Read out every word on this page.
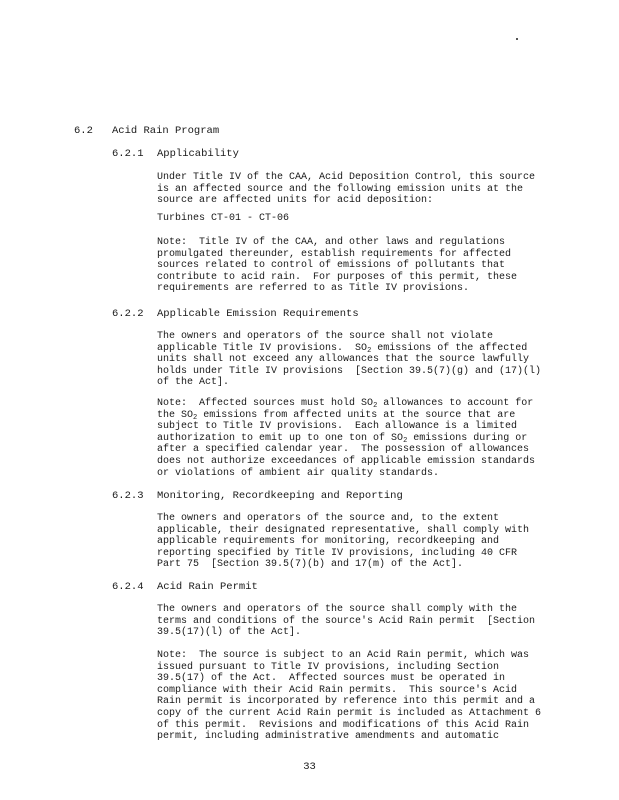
6.2 Acid Rain Program
6.2.1 Applicability
Under Title IV of the CAA, Acid Deposition Control, this source
is an affected source and the following emission units at the
source are affected units for acid deposition:
Turbines CT-01 - CT-06
Note:  Title IV of the CAA, and other laws and regulations
promulgated thereunder, establish requirements for affected
sources related to control of emissions of pollutants that
contribute to acid rain.  For purposes of this permit, these
requirements are referred to as Title IV provisions.
6.2.2 Applicable Emission Requirements
The owners and operators of the source shall not violate
applicable Title IV provisions.  $SO_2$ emissions of the affected
units shall not exceed any allowances that the source lawfully
holds under Title IV provisions  [Section 39.5(7)(g) and (17)(l)
of the Act].
Note:  Affected sources must hold $SO_2$ allowances to account for
the $SO_2$ emissions from affected units at the source that are
subject to Title IV provisions.  Each allowance is a limited
authorization to emit up to one ton of $SO_2$ emissions during or
after a specified calendar year.  The possession of allowances
does not authorize exceedances of applicable emission standards
or violations of ambient air quality standards.
6.2.3 Monitoring, Recordkeeping and Reporting
The owners and operators of the source and, to the extent
applicable, their designated representative, shall comply with
applicable requirements for monitoring, recordkeeping and
reporting specified by Title IV provisions, including 40 CFR
Part 75  [Section 39.5(7)(b) and 17(m) of the Act].
6.2.4 Acid Rain Permit
The owners and operators of the source shall comply with the
terms and conditions of the source's Acid Rain permit  [Section
39.5(17)(l) of the Act].
Note:  The source is subject to an Acid Rain permit, which was
issued pursuant to Title IV provisions, including Section
39.5(17) of the Act.  Affected sources must be operated in
compliance with their Acid Rain permits.  This source's Acid
Rain permit is incorporated by reference into this permit and a
copy of the current Acid Rain permit is included as Attachment 6
of this permit.  Revisions and modifications of this Acid Rain
permit, including administrative amendments and automatic
33
